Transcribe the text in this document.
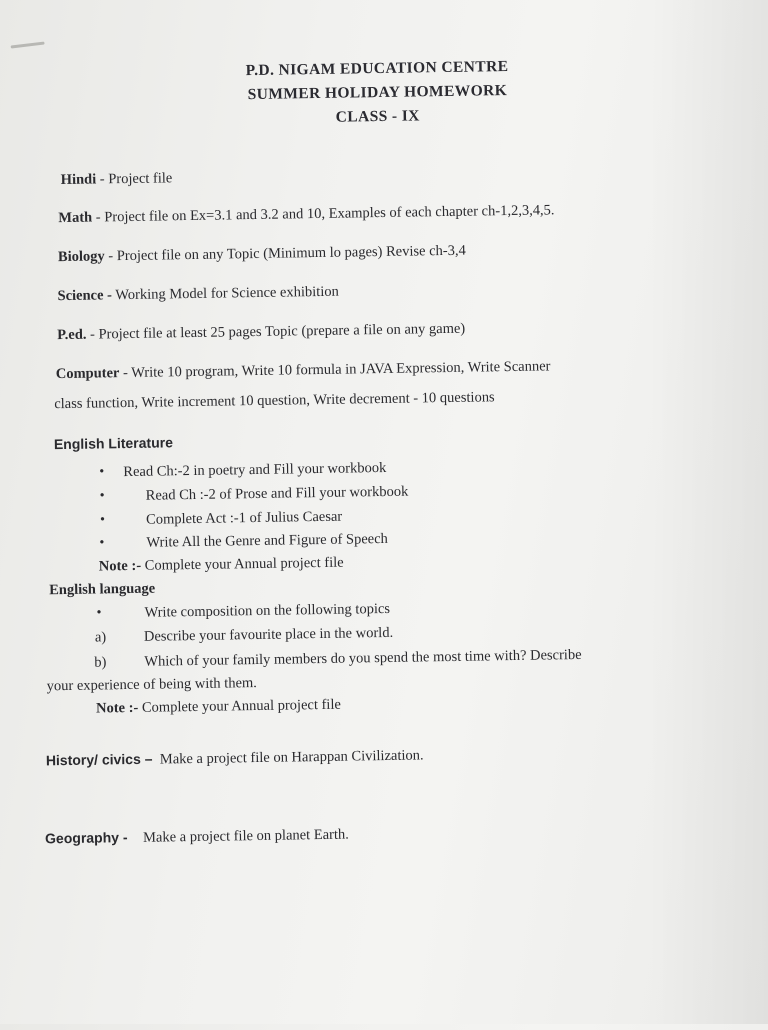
P.D. NIGAM EDUCATION CENTRE
SUMMER HOLIDAY HOMEWORK
CLASS - IX
Hindi - Project file
Math - Project file on Ex=3.1 and 3.2 and 10, Examples of each chapter ch-1,2,3,4,5.
Biology - Project file on any Topic (Minimum lo pages) Revise ch-3,4
Science - Working Model for Science exhibition
P.ed. - Project file at least 25 pages Topic (prepare a file on any game)
Computer - Write 10 program, Write 10 formula in JAVA Expression, Write Scanner
class function, Write increment 10 question, Write decrement - 10 questions
English Literature
• Read Ch:-2 in poetry and Fill your workbook
•	Read Ch :-2 of Prose and Fill your workbook
•	Complete Act :-1 of Julius Caesar
•	Write All the Genre and Figure of Speech
Note :- Complete your Annual project file
English language
•	Write composition on the following topics
a)	Describe your favourite place in the world.
b)	Which of your family members do you spend the most time with? Describe
your experience of being with them.
Note :- Complete your Annual project file
History/ civics – Make a project file on Harappan Civilization.
Geography - Make a project file on planet Earth.
